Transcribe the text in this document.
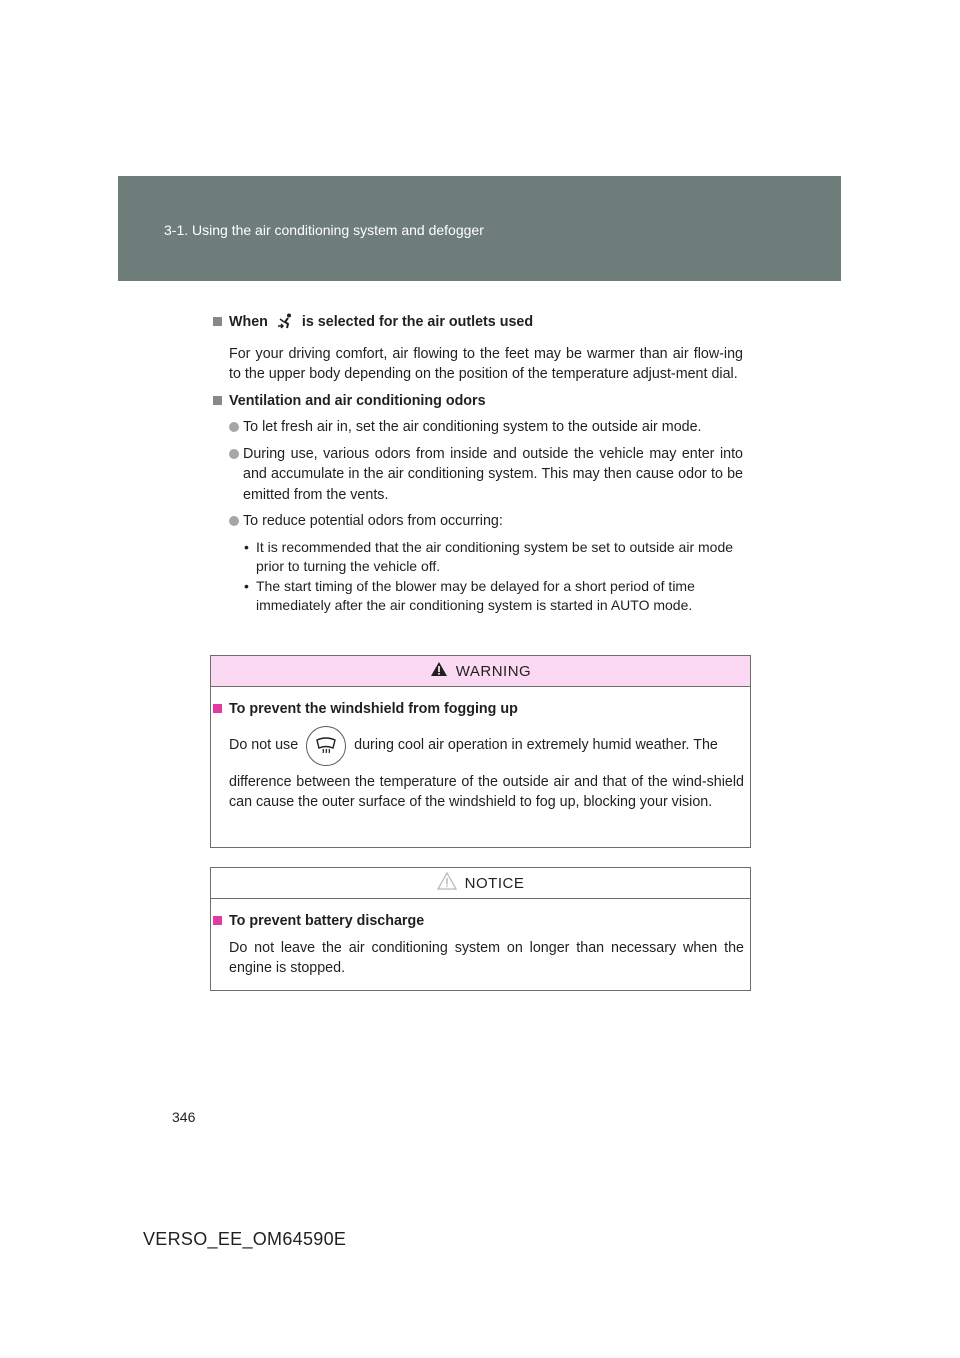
3-1. Using the air conditioning system and defogger

When is selected for the air outlets used

For your driving comfort, air flowing to the feet may be warmer than air flow-ing to the upper body depending on the position of the temperature adjust-ment dial.

Ventilation and air conditioning odors

To let fresh air in, set the air conditioning system to the outside air mode.

During use, various odors from inside and outside the vehicle may enter into and accumulate in the air conditioning system. This may then cause odor to be emitted from the vents.

To reduce potential odors from occurring:

• It is recommended that the air conditioning system be set to outside air mode prior to turning the vehicle off.

• The start timing of the blower may be delayed for a short period of time immediately after the air conditioning system is started in AUTO mode.

WARNING

To prevent the windshield from fogging up

Do not use	during cool air operation in extremely humid weather. The

difference between the temperature of the outside air and that of the wind-shield can cause the outer surface of the windshield to fog up, blocking your vision.

NOTICE

To prevent battery discharge

Do not leave the air conditioning system on longer than necessary when the engine is stopped.

346
VERSO_EE_OM64590E
